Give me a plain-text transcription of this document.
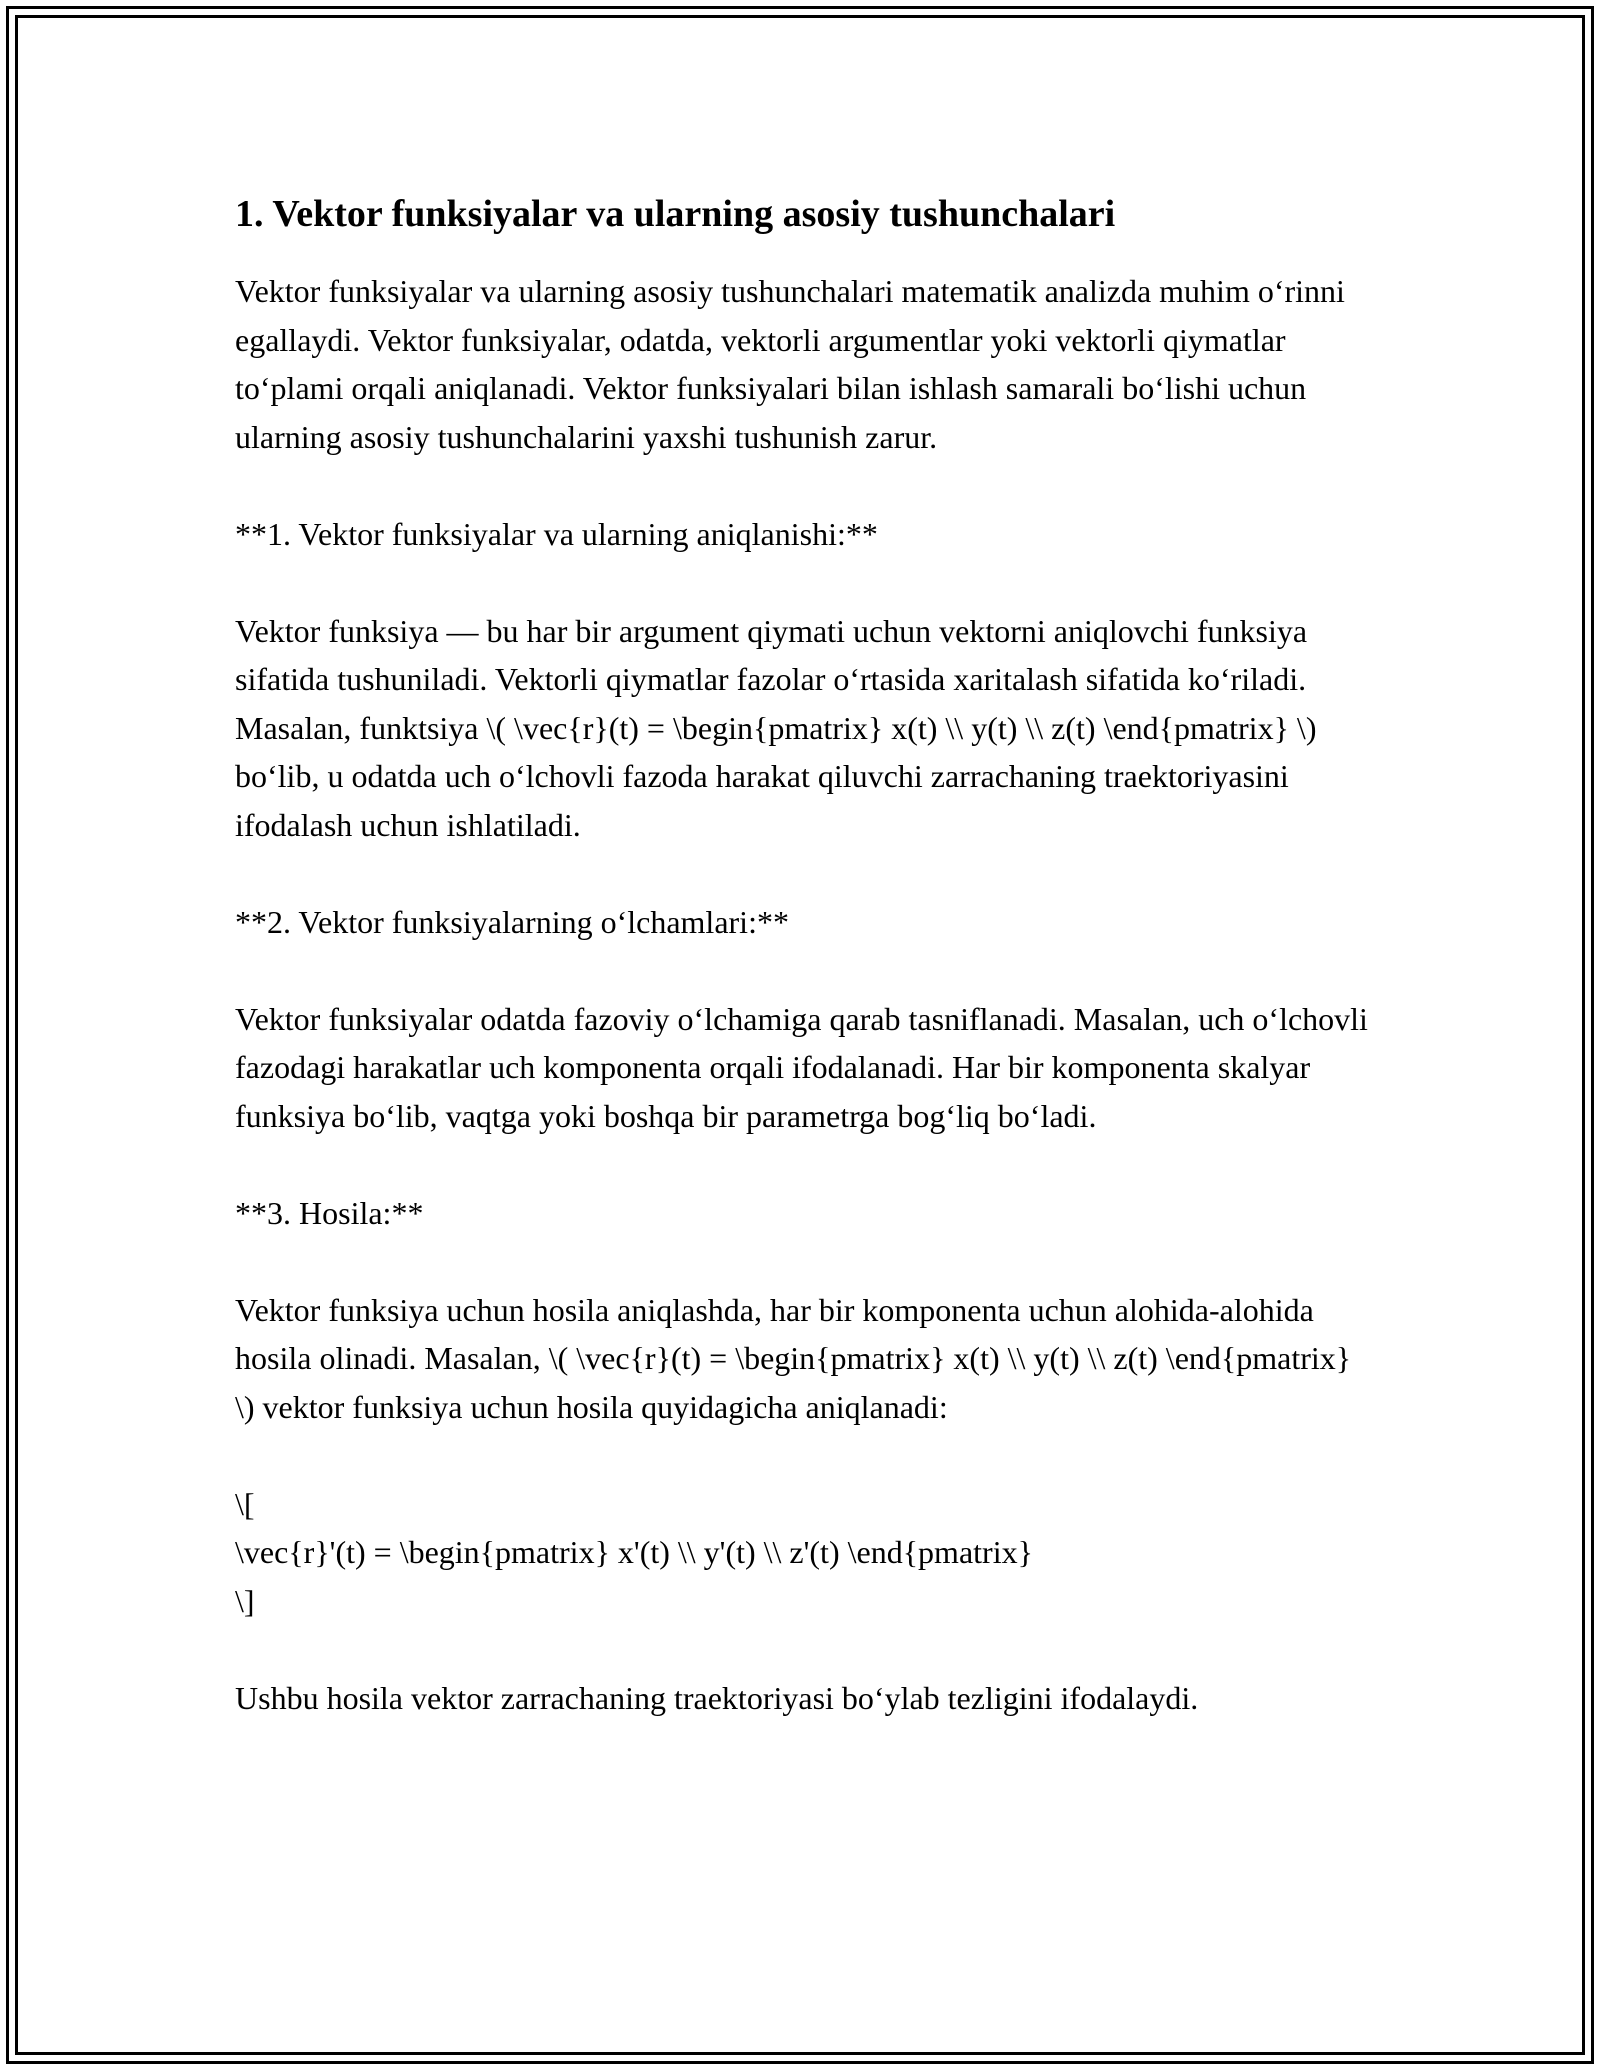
1. Vektor funksiyalar va ularning asosiy tushunchalari

Vektor funksiyalar va ularning asosiy tushunchalari matematik analizda muhim o‘rinni egallaydi. Vektor funksiyalar, odatda, vektorli argumentlar yoki vektorli qiymatlar to‘plami orqali aniqlanadi. Vektor funksiyalari bilan ishlash samarali bo‘lishi uchun ularning asosiy tushunchalarini yaxshi tushunish zarur.

**1. Vektor funksiyalar va ularning aniqlanishi:**

Vektor funksiya — bu har bir argument qiymati uchun vektorni aniqlovchi funksiya sifatida tushuniladi. Vektorli qiymatlar fazolar o‘rtasida xaritalash sifatida ko‘riladi. Masalan, funktsiya \( \vec{r}(t) = \begin{pmatrix} x(t) \\ y(t) \\ z(t) \end{pmatrix} \) bo‘lib, u odatda uch o‘lchovli fazoda harakat qiluvchi zarrachaning traektoriyasini ifodalash uchun ishlatiladi.

**2. Vektor funksiyalarning o‘lchamlari:**

Vektor funksiyalar odatda fazoviy o‘lchamiga qarab tasniflanadi. Masalan, uch o‘lchovli fazodagi harakatlar uch komponenta orqali ifodalanadi. Har bir komponenta skalyar funksiya bo‘lib, vaqtga yoki boshqa bir parametrga bog‘liq bo‘ladi.

**3. Hosila:**

Vektor funksiya uchun hosila aniqlashda, har bir komponenta uchun alohida-alohida hosila olinadi. Masalan, \( \vec{r}(t) = \begin{pmatrix} x(t) \\ y(t) \\ z(t) \end{pmatrix} \) vektor funksiya uchun hosila quyidagicha aniqlanadi:

\[
\vec{r}'(t) = \begin{pmatrix} x'(t) \\ y'(t) \\ z'(t) \end{pmatrix}
\]

Ushbu hosila vektor zarrachaning traektoriyasi bo‘ylab tezligini ifodalaydi.
